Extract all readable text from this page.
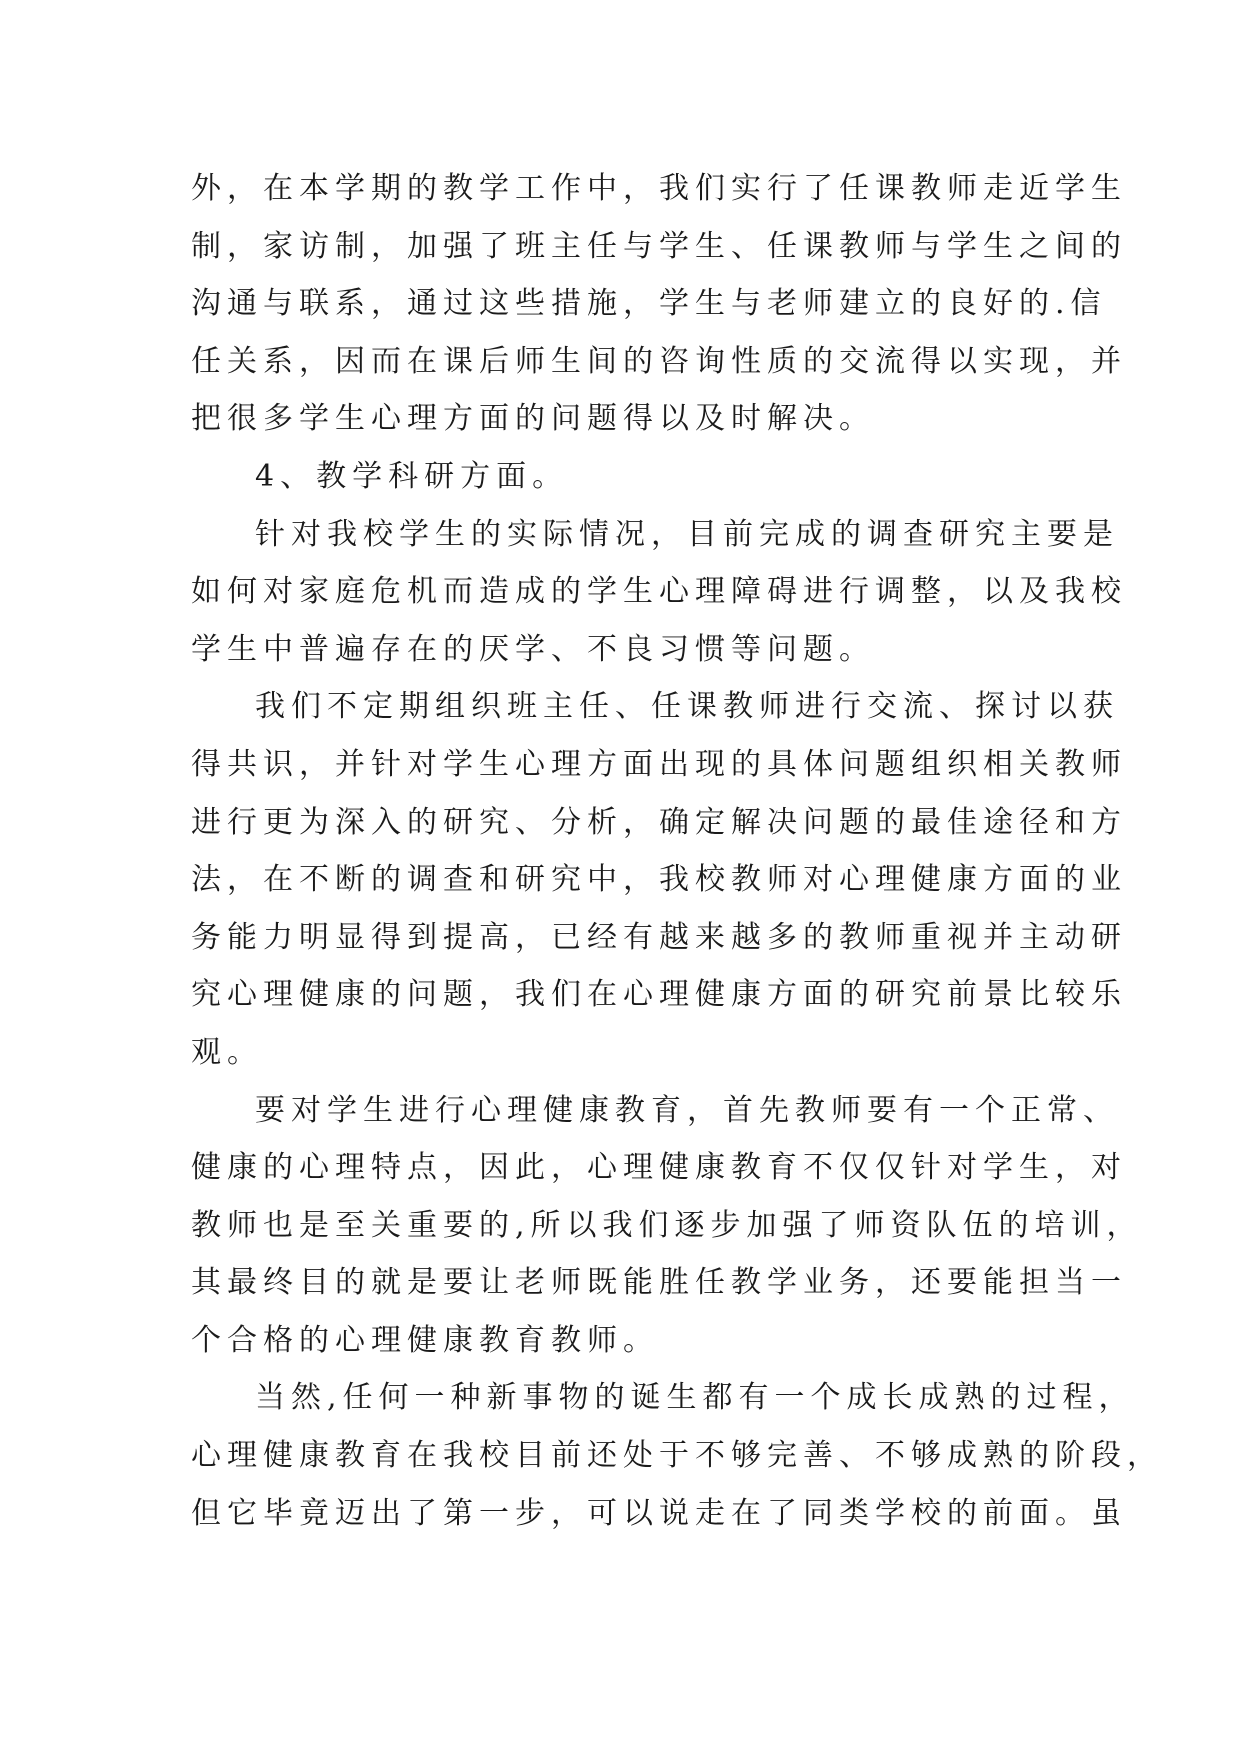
外，在本学期的教学工作中，我们实行了任课教师走近学生
制，家访制，加强了班主任与学生、任课教师与学生之间的
沟通与联系，通过这些措施，学生与老师建立的良好的.信
任关系，因而在课后师生间的咨询性质的交流得以实现，并
把很多学生心理方面的问题得以及时解决。
4、教学科研方面。
针对我校学生的实际情况，目前完成的调查研究主要是
如何对家庭危机而造成的学生心理障碍进行调整，以及我校
学生中普遍存在的厌学、不良习惯等问题。
我们不定期组织班主任、任课教师进行交流、探讨以获
得共识，并针对学生心理方面出现的具体问题组织相关教师
进行更为深入的研究、分析，确定解决问题的最佳途径和方
法，在不断的调查和研究中，我校教师对心理健康方面的业
务能力明显得到提高，已经有越来越多的教师重视并主动研
究心理健康的问题，我们在心理健康方面的研究前景比较乐
观。
要对学生进行心理健康教育，首先教师要有一个正常、
健康的心理特点，因此，心理健康教育不仅仅针对学生，对
教师也是至关重要的,所以我们逐步加强了师资队伍的培训，
其最终目的就是要让老师既能胜任教学业务，还要能担当一
个合格的心理健康教育教师。
当然,任何一种新事物的诞生都有一个成长成熟的过程，
心理健康教育在我校目前还处于不够完善、不够成熟的阶段，
但它毕竟迈出了第一步，可以说走在了同类学校的前面。虽
